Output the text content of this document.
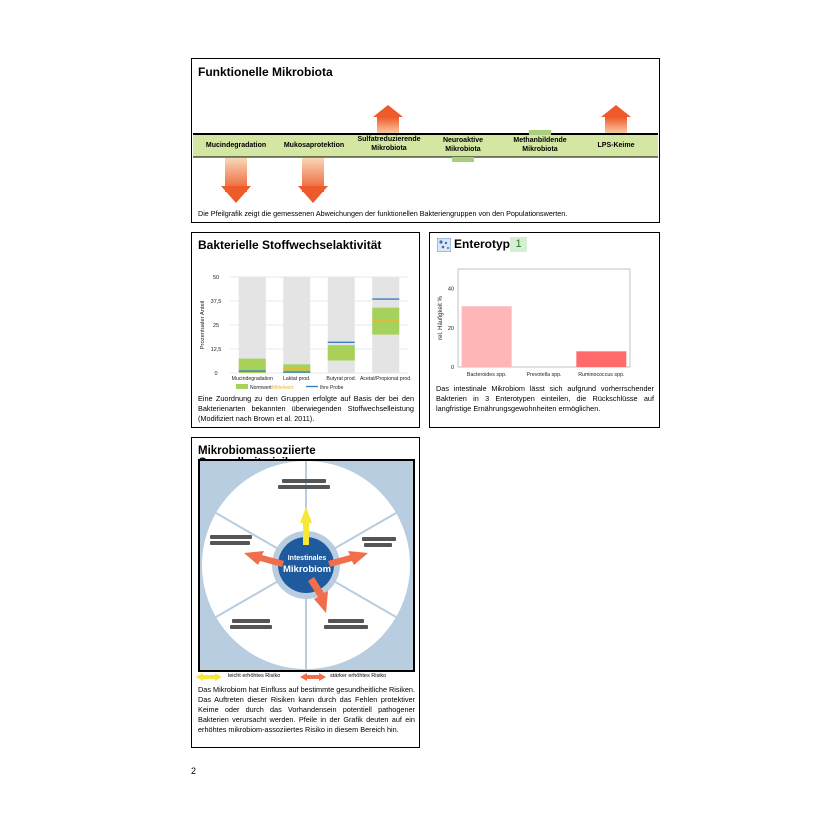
Funktionelle Mikrobiota
Mucindegradation	Mukosaprotektion
Sulfatreduzierende Mikrobiota
Neuroaktive Mikrobiota
Methanbildende Mikrobiota
LPS-Keime
Die Pfeilgrafik zeigt die gemessenen Abweichungen der funktionellen Bakteriengruppen von den Populationswerten.
Bakterielle Stoffwechselaktivität
Prozentualer Anteil
50
37,5
25
12,5
0
Mucindegradation Laktat prod.	Butyrat prod. Acetat/Propionat prod.
Normwert Mittelwert	Ihre Probe
Eine Zuordnung zu den Gruppen erfolgte auf Basis der bei den Bakterienarten bekannten überwiegenden Stoffwechselleistung (Modifiziert nach Brown et al. 2011).
Enterotyp 1
rel. Häufigkeit %
40
20
0
Bacteroides spp.	Prevotella spp.	Ruminococcus spp.
Das intestinale Mikrobiom lässt sich aufgrund vorherrschender Bakterien in 3 Enterotypen einteilen, die Rückschlüsse auf langfristige Ernährungsgewohnheiten ermöglichen.
Mikrobiomassoziierte
Intestinales
Mikrobiom
leicht erhöhtes Risiko	stärker erhöhtes Risiko
Das Mikrobiom hat Einfluss auf bestimmte gesundheitliche Risiken. Das Auftreten dieser Risiken kann durch das Fehlen protektiver Keime oder durch das Vorhandensein potentiell pathogener Bakterien verursacht werden. Pfeile in der Grafik deuten auf ein erhöhtes mikrobiom-assoziiertes Risiko in diesem Bereich hin.
2
